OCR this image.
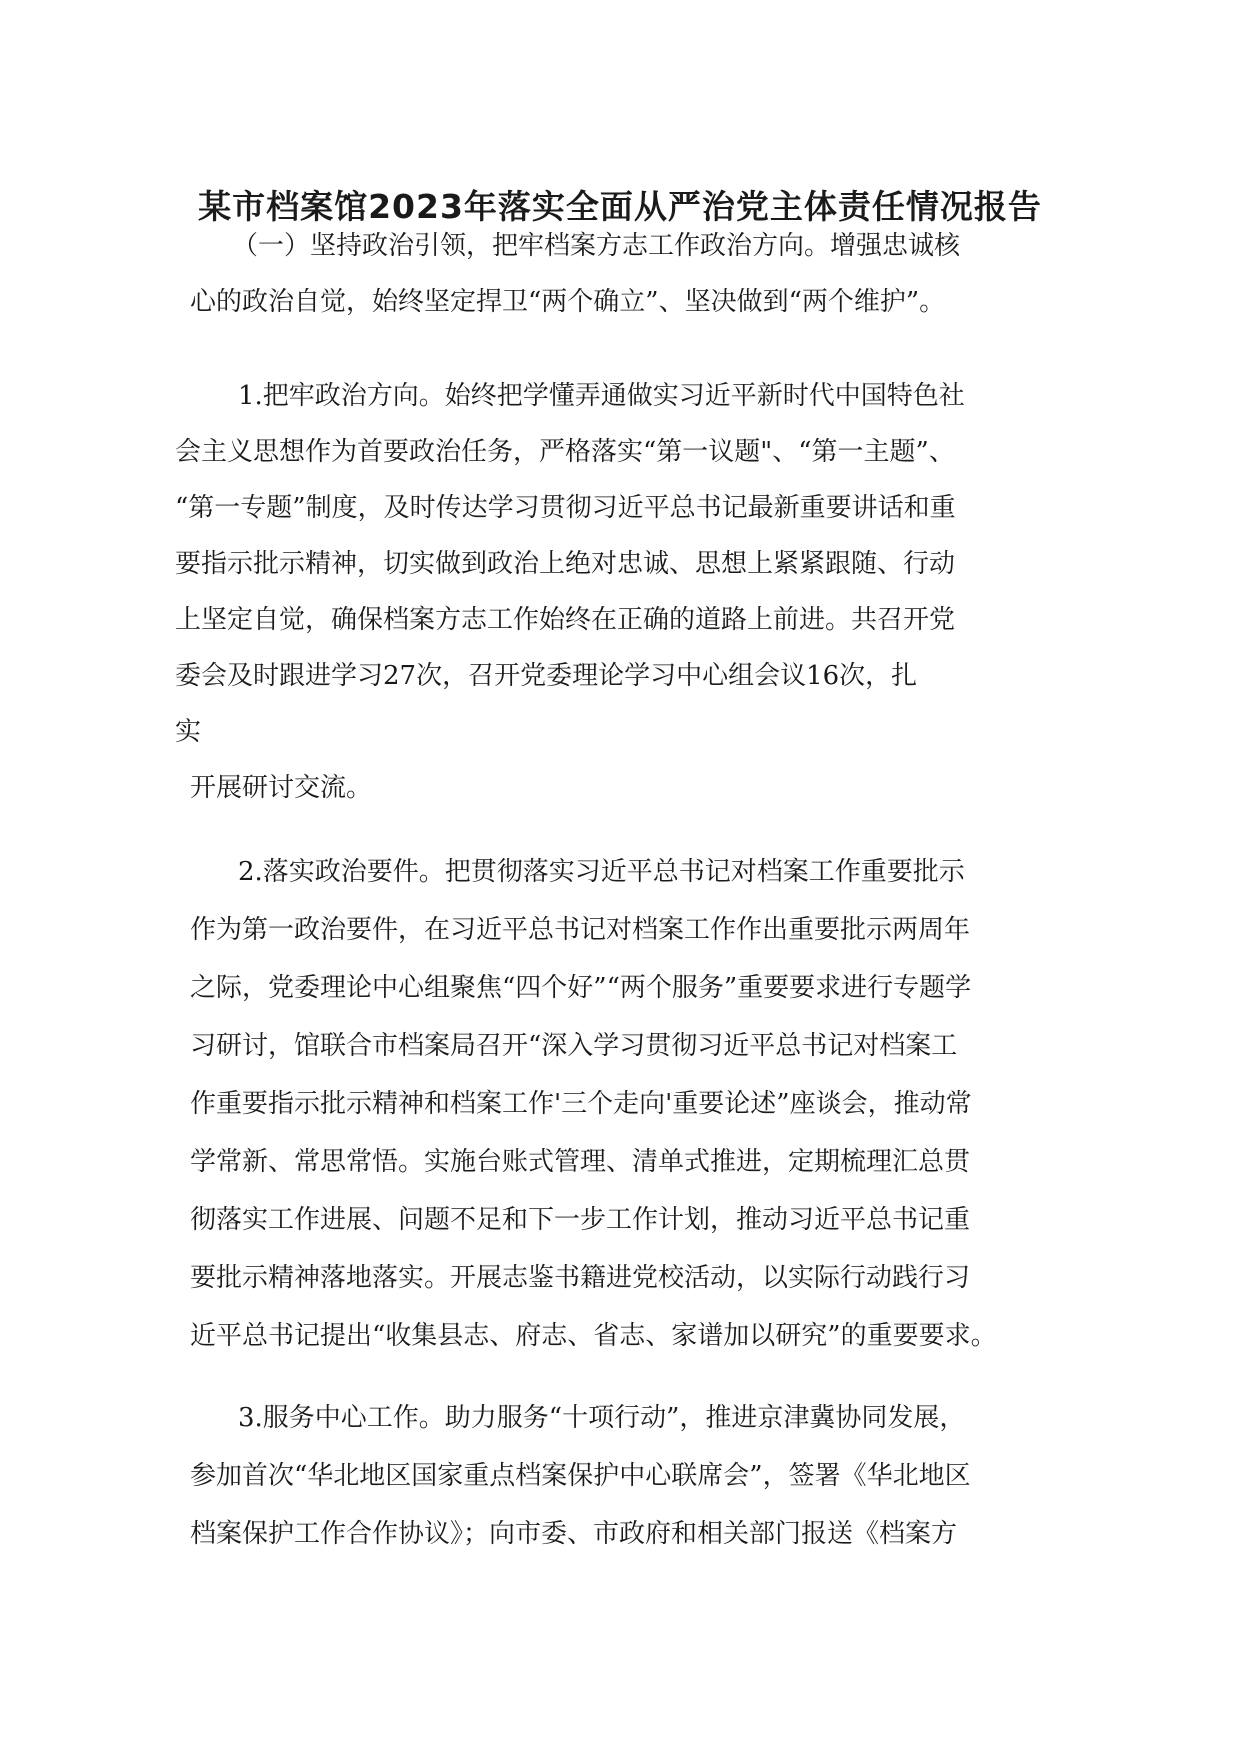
某市档案馆2023年落实全面从严治党主体责任情况报告

（一）坚持政治引领，把牢档案方志工作政治方向。增强忠诚核

心的政治自觉，始终坚定捍卫“两个确立”、坚决做到“两个维护”。

1.把牢政治方向。始终把学懂弄通做实习近平新时代中国特色社

会主义思想作为首要政治任务，严格落实“第一议题"、“第一主题”、

“第一专题”制度，及时传达学习贯彻习近平总书记最新重要讲话和重

要指示批示精神，切实做到政治上绝对忠诚、思想上紧紧跟随、行动

上坚定自觉，确保档案方志工作始终在正确的道路上前进。共召开党

委会及时跟进学习27次，召开党委理论学习中心组会议16次，扎

实

开展研讨交流。

2.落实政治要件。把贯彻落实习近平总书记对档案工作重要批示

作为第一政治要件，在习近平总书记对档案工作作出重要批示两周年

之际，党委理论中心组聚焦“四个好”“两个服务”重要要求进行专题学

习研讨，馆联合市档案局召开“深入学习贯彻习近平总书记对档案工

作重要指示批示精神和档案工作'三个走向'重要论述”座谈会，推动常

学常新、常思常悟。实施台账式管理、清单式推进，定期梳理汇总贯

彻落实工作进展、问题不足和下一步工作计划，推动习近平总书记重

要批示精神落地落实。开展志鉴书籍进党校活动，以实际行动践行习

近平总书记提出“收集县志、府志、省志、家谱加以研究”的重要要求。

3.服务中心工作。助力服务“十项行动”，推进京津冀协同发展，

参加首次“华北地区国家重点档案保护中心联席会”，签署《华北地区

档案保护工作合作协议》；向市委、市政府和相关部门报送《档案方
